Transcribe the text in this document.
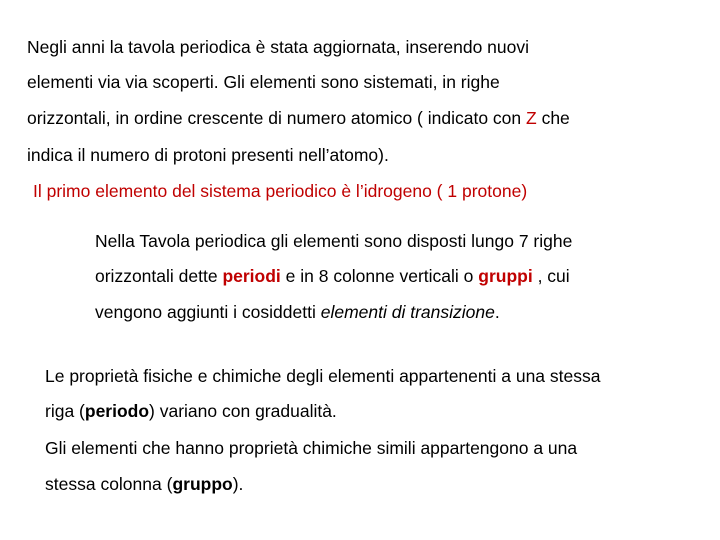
Negli anni la tavola periodica è stata aggiornata, inserendo nuovi
elementi via via scoperti. Gli elementi sono sistemati, in righe
orizzontali, in ordine crescente di numero atomico ( indicato con Z che
indica il numero di protoni presenti nell’atomo).
Il primo elemento del sistema periodico è l’idrogeno ( 1 protone)
Nella Tavola periodica gli elementi sono disposti lungo 7 righe
orizzontali dette periodi e in 8 colonne verticali o gruppi , cui
vengono aggiunti i cosiddetti elementi di transizione.
Le proprietà fisiche e chimiche degli elementi appartenenti a una stessa
riga (periodo) variano con gradualità.
Gli elementi che hanno proprietà chimiche simili appartengono a una
stessa colonna (gruppo).
